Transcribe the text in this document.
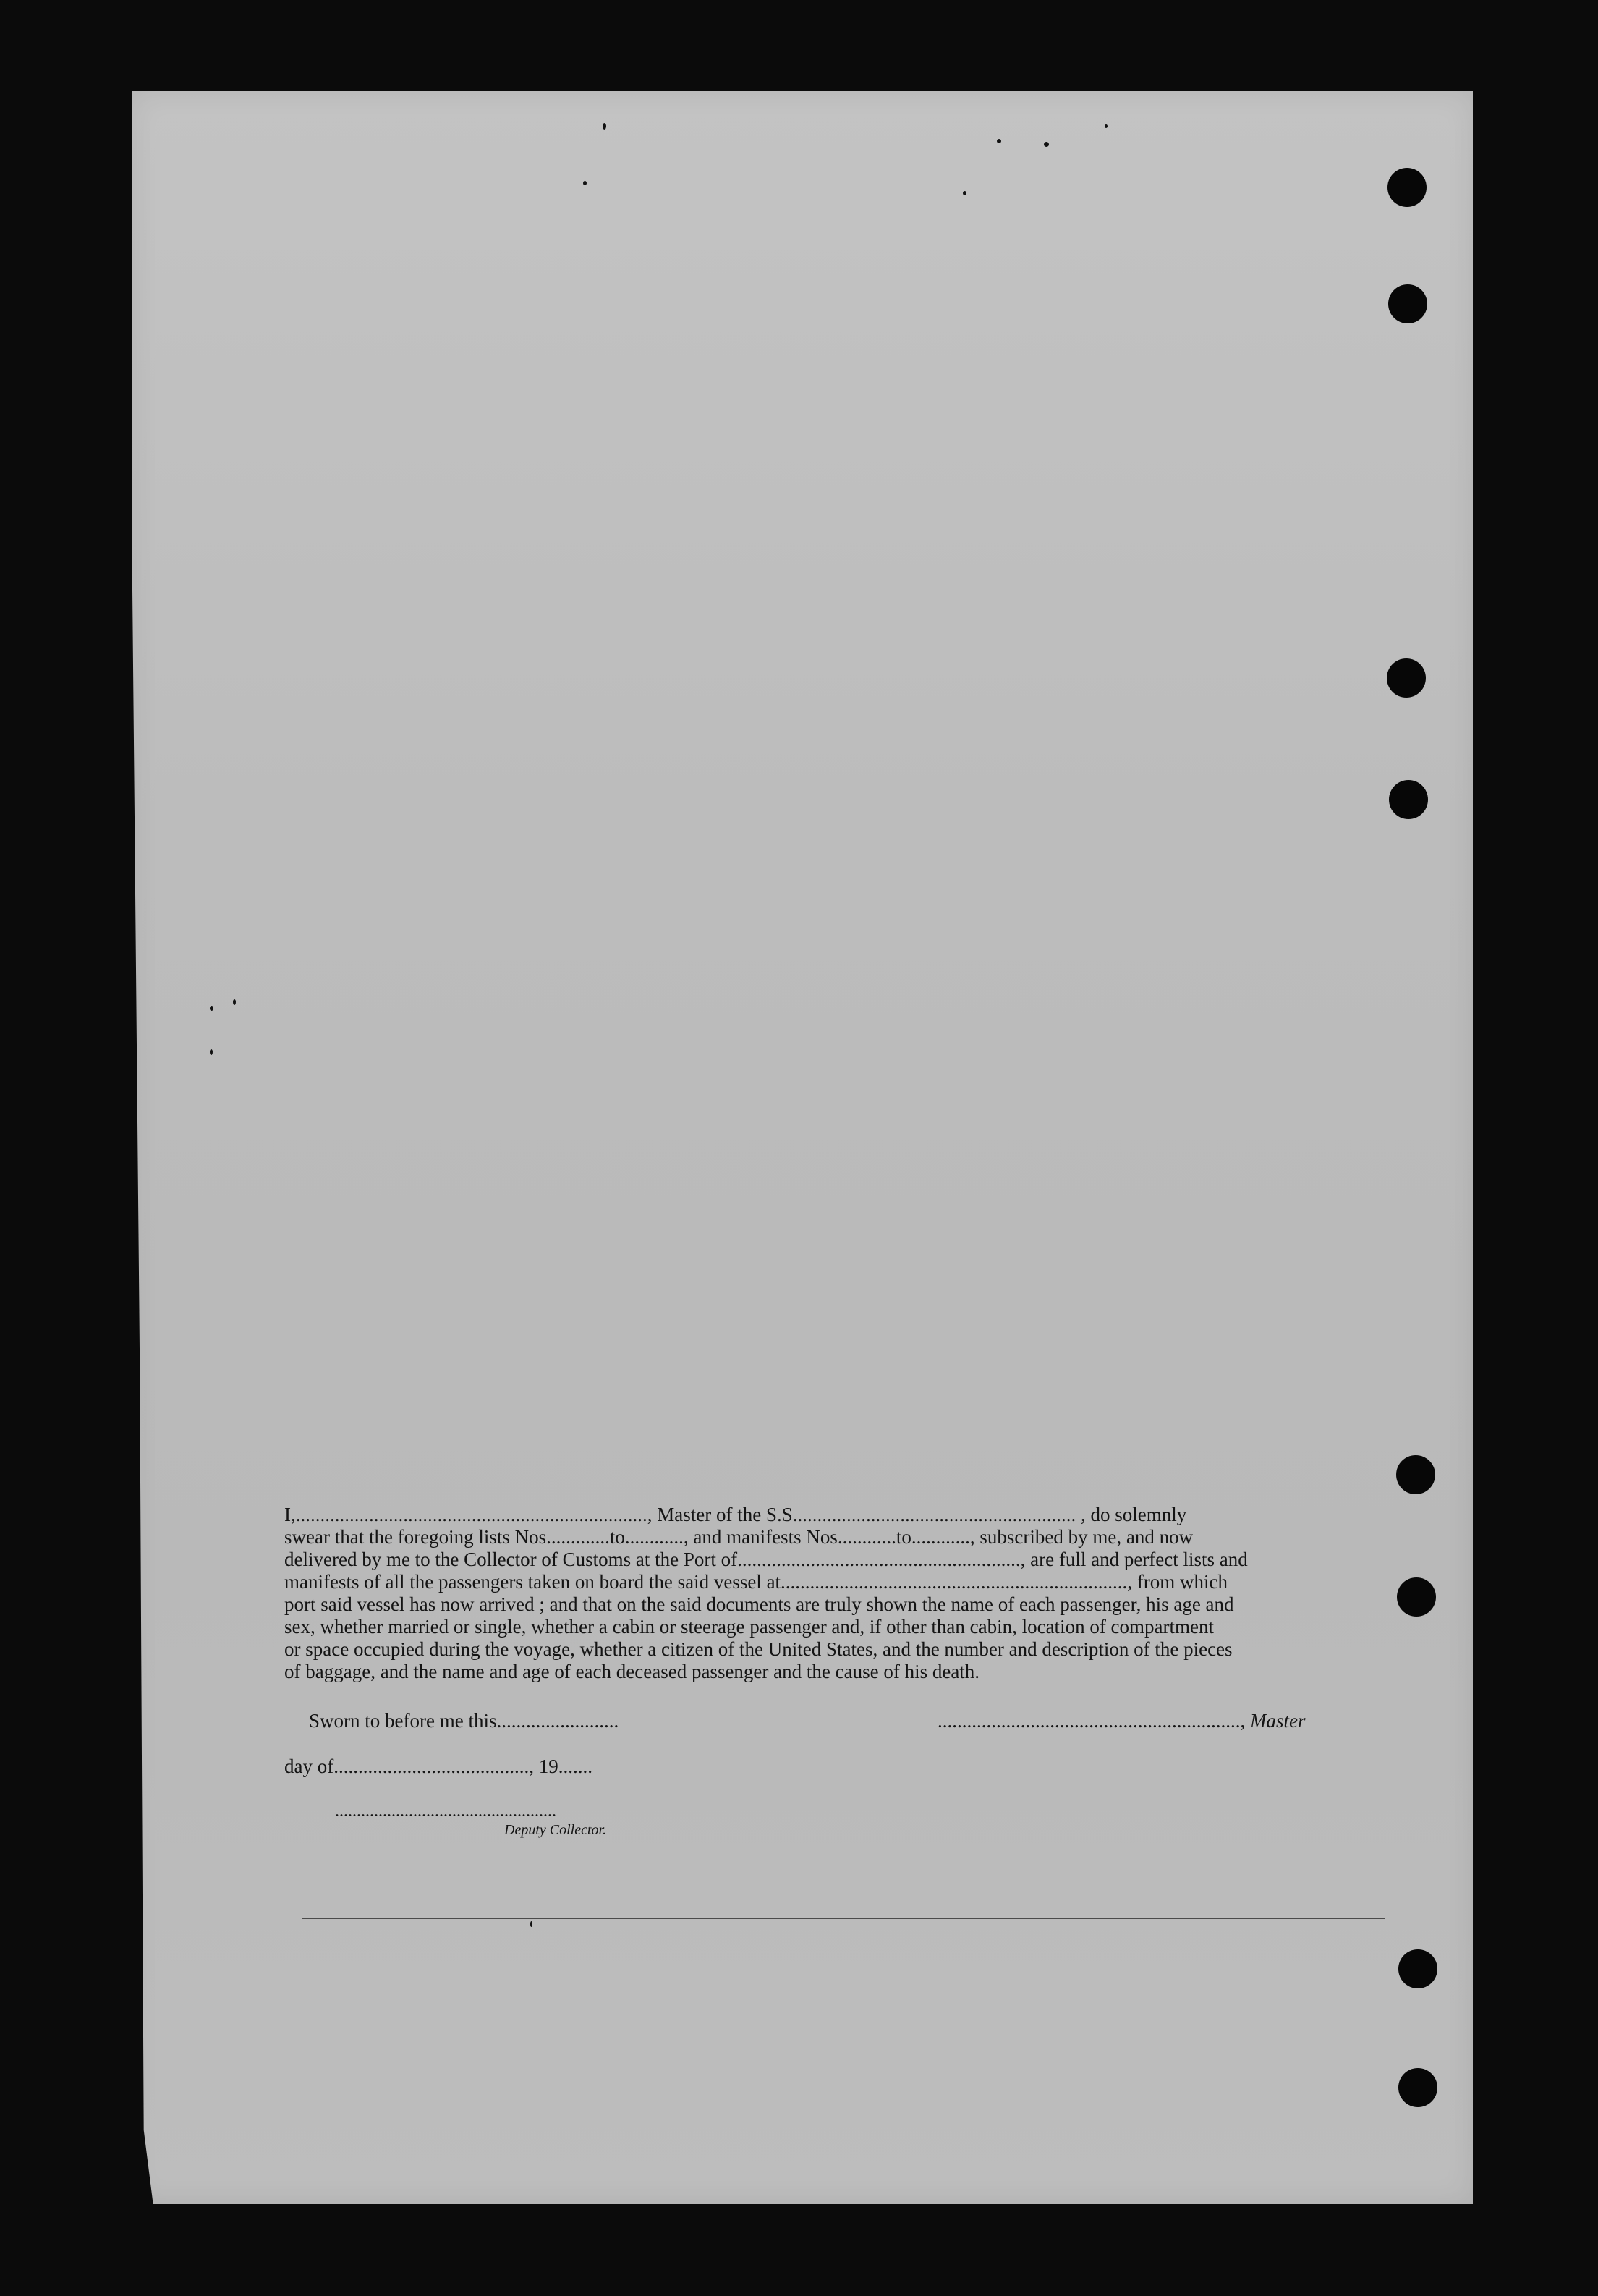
I,........................................................................, Master of the S.S.......................................................... , do solemnly
swear that the foregoing lists Nos.............to............, and manifests Nos............to............, subscribed by me, and now
delivered by me to the Collector of Customs at the Port of.........................................................., are full and perfect lists and
manifests of all the passengers taken on board the said vessel at......................................................................., from which
port said vessel has now arrived ; and that on the said documents are truly shown the name of each passenger, his age and
sex, whether married or single, whether a cabin or steerage passenger and, if other than cabin, location of compartment
or space occupied during the voyage, whether a citizen of the United States, and the number and description of the pieces
of baggage, and the name and age of each deceased passenger and the cause of his death.
Sworn to before me this.........................	.............................................................., Master
day of........................................, 19.......
...................................................
Deputy Collector.
